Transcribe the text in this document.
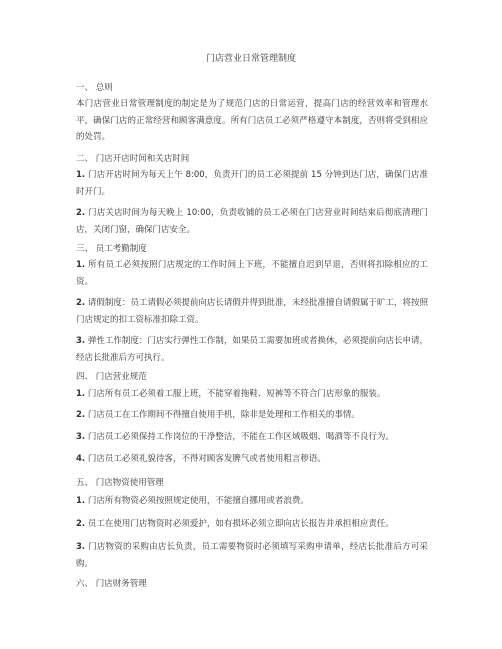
门店营业日常管理制度
一、 总则
本门店营业日常管理制度的制定是为了规范门店的日常运营，提高门店的经营效率和管理水平，确保门店的正常经营和顾客满意度。所有门店员工必须严格遵守本制度，否则将受到相应的处罚。
二、 门店开店时间和关店时间
1. 门店开店时间为每天上午 8:00，负责开门的员工必须提前 15 分钟到达门店，确保门店准时开门。
2. 门店关店时间为每天晚上 10:00，负责收铺的员工必须在门店营业时间结束后彻底清理门店，关闭门窗，确保门店安全。
三、 员工考勤制度
1. 所有员工必须按照门店规定的工作时间上下班，不能擅自迟到早退，否则将扣除相应的工资。
2. 请假制度：员工请假必须提前向店长请假并得到批准，未经批准擅自请假属于旷工，将按照门店规定的扣工资标准扣除工资。
3. 弹性工作制度：门店实行弹性工作制，如果员工需要加班或者换休，必须提前向店长申请，经店长批准后方可执行。
四、 门店营业规范
1. 门店所有员工必须着工服上班，不能穿着拖鞋、短裤等不符合门店形象的服装。
2. 门店员工在工作期间不得擅自使用手机，除非是处理和工作相关的事情。
3. 门店员工必须保持工作岗位的干净整洁，不能在工作区域吸烟、喝酒等不良行为。
4. 门店员工必须礼貌待客，不得对顾客发脾气或者使用粗言秽语。
五、 门店物资使用管理
1. 门店所有物资必须按照规定使用，不能擅自挪用或者浪费。
2. 员工在使用门店物资时必须爱护，如有损坏必须立即向店长报告并承担相应责任。
3. 门店物资的采购由店长负责，员工需要物资时必须填写采购申请单，经店长批准后方可采购。
六、 门店财务管理
